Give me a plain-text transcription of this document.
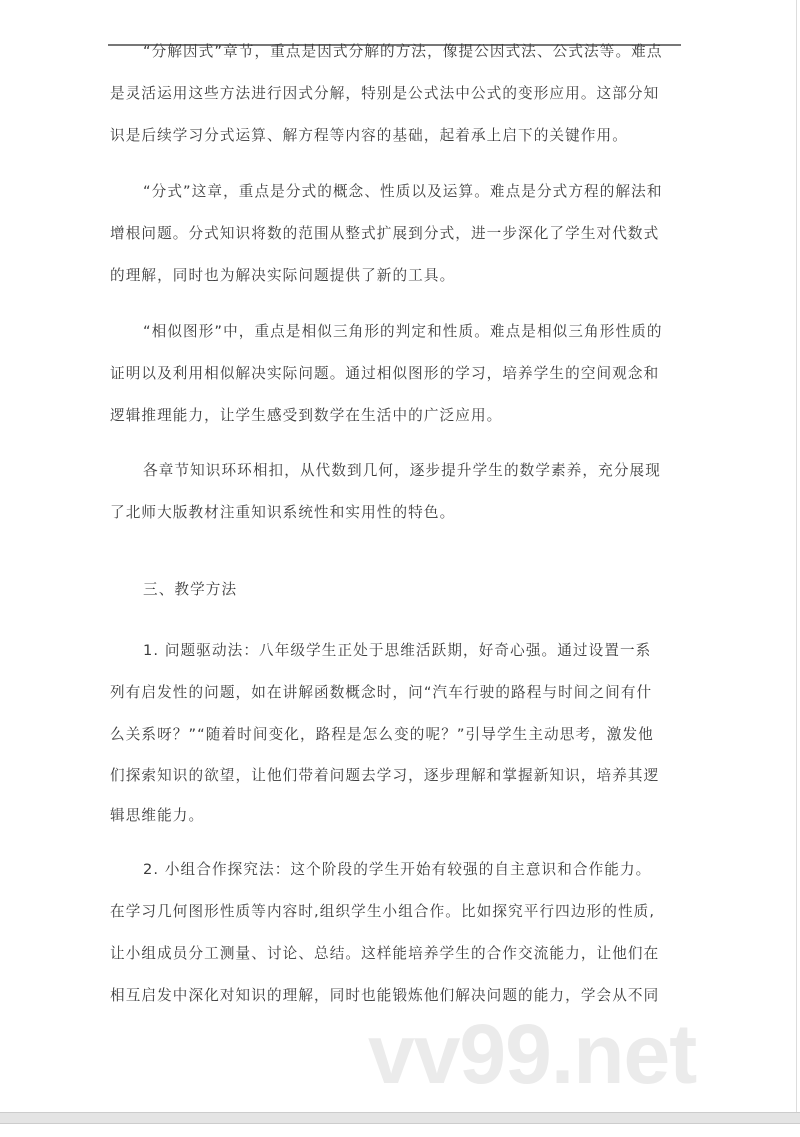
“分解因式”章节，重点是因式分解的方法，像提公因式法、公式法等。难点
是灵活运用这些方法进行因式分解，特别是公式法中公式的变形应用。这部分知
识是后续学习分式运算、解方程等内容的基础，起着承上启下的关键作用。
“分式”这章，重点是分式的概念、性质以及运算。难点是分式方程的解法和
增根问题。分式知识将数的范围从整式扩展到分式，进一步深化了学生对代数式
的理解，同时也为解决实际问题提供了新的工具。
“相似图形”中，重点是相似三角形的判定和性质。难点是相似三角形性质的
证明以及利用相似解决实际问题。通过相似图形的学习，培养学生的空间观念和
逻辑推理能力，让学生感受到数学在生活中的广泛应用。
各章节知识环环相扣，从代数到几何，逐步提升学生的数学素养，充分展现
了北师大版教材注重知识系统性和实用性的特色。
三、教学方法
1. 问题驱动法：八年级学生正处于思维活跃期，好奇心强。通过设置一系
列有启发性的问题，如在讲解函数概念时，问“汽车行驶的路程与时间之间有什
么关系呀？”“随着时间变化，路程是怎么变的呢？”引导学生主动思考，激发他
们探索知识的欲望，让他们带着问题去学习，逐步理解和掌握新知识，培养其逻
辑思维能力。
2. 小组合作探究法：这个阶段的学生开始有较强的自主意识和合作能力。
在学习几何图形性质等内容时,组织学生小组合作。比如探究平行四边形的性质,
让小组成员分工测量、讨论、总结。这样能培养学生的合作交流能力，让他们在
相互启发中深化对知识的理解，同时也能锻炼他们解决问题的能力，学会从不同
vv99.net
